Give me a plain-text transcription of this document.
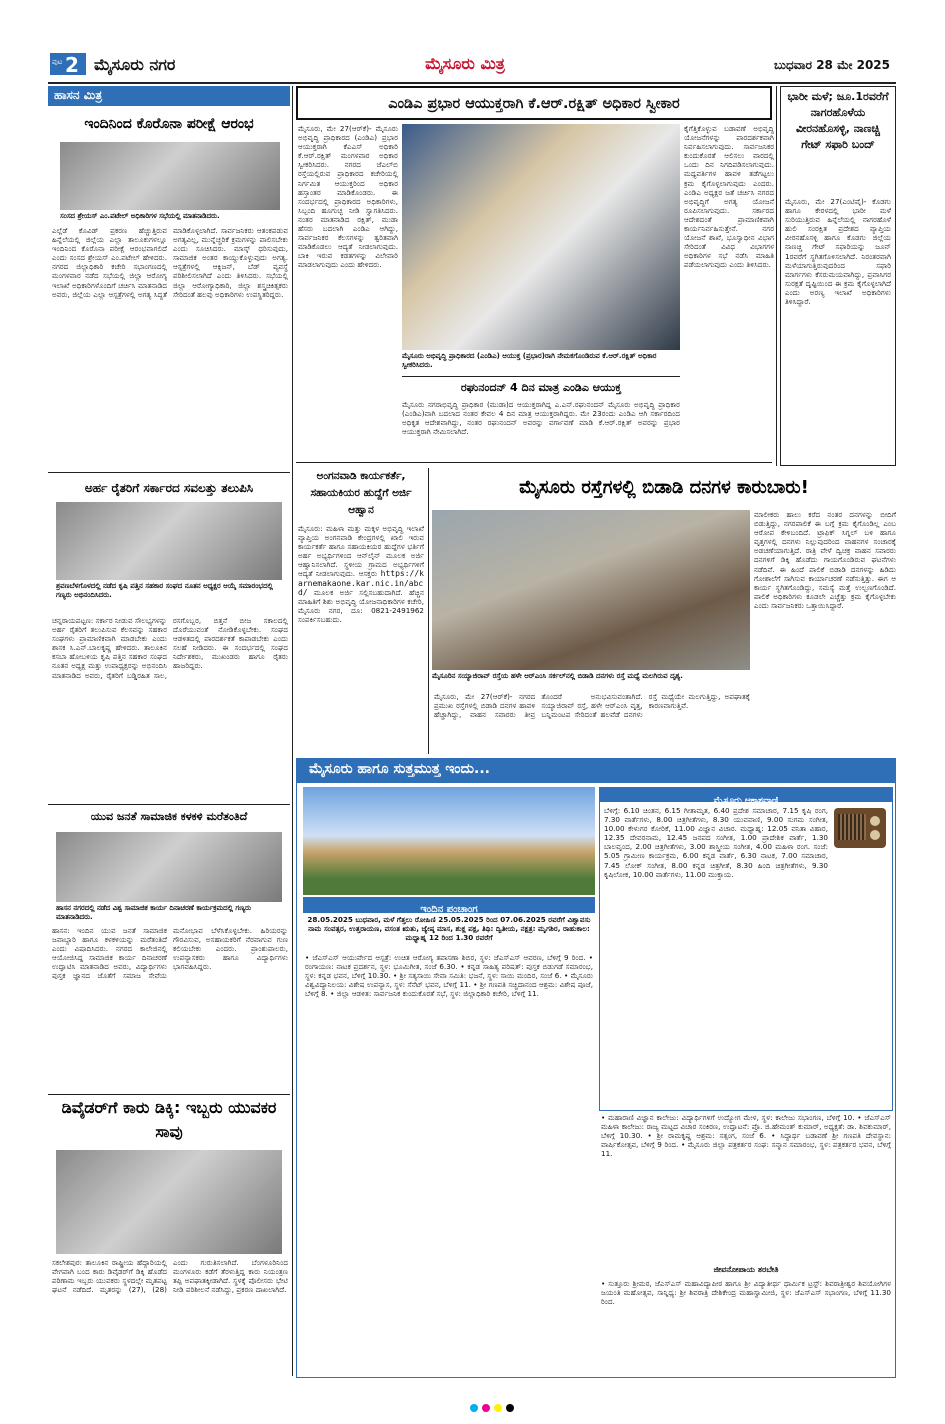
ಪುಟ 2 ಮೈಸೂರು ನಗರ	ಮೈಸೂರು ಮಿತ್ರ	ಬುಧವಾರ 28 ಮೇ 2025
ಹಾಸನ ಮಿತ್ರ
ಇಂದಿನಿಂದ ಕೊರೊನಾ ಪರೀಕ್ಷೆ ಆರಂಭ
ಸಂಸದ ಶ್ರೇಯಸ್ ಎಂ.ಪಟೇಲ್ ಅಧಿಕಾರಿಗಳ ಸಭೆಯಲ್ಲಿ ಮಾತನಾಡಿದರು.
ಎಲ್ಲೆಡೆ ಕೊವಿಡ್ ಪ್ರಕರಣ ಹೆಚ್ಚುತ್ತಿರುವ ಹಿನ್ನೆಲೆಯಲ್ಲಿ ಜಿಲ್ಲೆಯ ಎಲ್ಲಾ ತಾಲೂಕುಗಳಲ್ಲೂ ಇಂದಿನಿಂದ ಕೊರೊನಾ ಪರೀಕ್ಷೆ ಆರಂಭವಾಗಲಿದೆ ಎಂದು ಸಂಸದ ಶ್ರೇಯಸ್ ಎಂ.ಪಟೇಲ್ ಹೇಳಿದರು. ನಗರದ ಜಿಲ್ಲಾಧಿಕಾರಿ ಕಚೇರಿ ಸಭಾಂಗಣದಲ್ಲಿ ಮಂಗಳವಾರ ನಡೆದ ಸಭೆಯಲ್ಲಿ ಜಿಲ್ಲಾ ಆರೋಗ್ಯ ಇಲಾಖೆ ಅಧಿಕಾರಿಗಳೊಂದಿಗೆ ಚರ್ಚಿಸಿ ಮಾತನಾಡಿದ ಅವರು, ಜಿಲ್ಲೆಯ ಎಲ್ಲಾ ಆಸ್ಪತ್ರೆಗಳಲ್ಲಿ ಅಗತ್ಯ ಸಿದ್ಧತೆ ಮಾಡಿಕೊಳ್ಳಲಾಗಿದೆ. ಸಾರ್ವಜನಿಕರು ಆತಂಕಪಡುವ ಅಗತ್ಯವಿಲ್ಲ, ಮುನ್ನೆಚ್ಚರಿಕೆ ಕ್ರಮಗಳನ್ನು ಪಾಲಿಸಬೇಕು ಎಂದು ಸೂಚಿಸಿದರು. ಮಾಸ್ಕ್ ಧರಿಸುವುದು, ಸಾಮಾಜಿಕ ಅಂತರ ಕಾಯ್ದುಕೊಳ್ಳುವುದು ಅಗತ್ಯ. ಆಸ್ಪತ್ರೆಗಳಲ್ಲಿ ಆಕ್ಸಿಜನ್, ಬೆಡ್ ವ್ಯವಸ್ಥೆ ಪರಿಶೀಲಿಸಲಾಗಿದೆ ಎಂದು ತಿಳಿಸಿದರು. ಸಭೆಯಲ್ಲಿ ಜಿಲ್ಲಾ ಆರೋಗ್ಯಾಧಿಕಾರಿ, ಜಿಲ್ಲಾ ಶಸ್ತ್ರಚಿಕಿತ್ಸಕರು ಸೇರಿದಂತೆ ಹಲವು ಅಧಿಕಾರಿಗಳು ಉಪಸ್ಥಿತರಿದ್ದರು.
ಅರ್ಹ ರೈತರಿಗೆ ಸರ್ಕಾರದ ಸವಲತ್ತು ತಲುಪಿಸಿ
ಶ್ರವಣಬೆಳಗೊಳದಲ್ಲಿ ನಡೆದ ಕೃಷಿ ಪತ್ತಿನ ಸಹಕಾರ ಸಂಘದ ನೂತನ ಅಧ್ಯಕ್ಷರ ಆಯ್ಕೆ ಸಮಾರಂಭದಲ್ಲಿ ಗಣ್ಯರು ಅಭಿನಂದಿಸಿದರು.
ಚನ್ನರಾಯಪಟ್ಟಣ: ಸರ್ಕಾರ ನೀಡುವ ಸೌಲಭ್ಯಗಳನ್ನು ಅರ್ಹ ರೈತರಿಗೆ ತಲುಪಿಸುವ ಕೆಲಸವನ್ನು ಸಹಕಾರ ಸಂಘಗಳು ಪ್ರಾಮಾಣಿಕವಾಗಿ ಮಾಡಬೇಕು ಎಂದು ಶಾಸಕ ಸಿ.ಎನ್.ಬಾಲಕೃಷ್ಣ ಹೇಳಿದರು. ತಾಲೂಕಿನ ಕಸಬಾ ಹೋಬಳಿಯ ಕೃಷಿ ಪತ್ತಿನ ಸಹಕಾರ ಸಂಘದ ನೂತನ ಅಧ್ಯಕ್ಷ ಮತ್ತು ಉಪಾಧ್ಯಕ್ಷರನ್ನು ಅಭಿನಂದಿಸಿ ಮಾತನಾಡಿದ ಅವರು, ರೈತರಿಗೆ ಬಡ್ಡಿರಹಿತ ಸಾಲ, ರಸಗೊಬ್ಬರ, ಬಿತ್ತನೆ ಬೀಜ ಸಕಾಲದಲ್ಲಿ ದೊರೆಯುವಂತೆ ನೋಡಿಕೊಳ್ಳಬೇಕು. ಸಂಘದ ಆಡಳಿತದಲ್ಲಿ ಪಾರದರ್ಶಕತೆ ಕಾಪಾಡಬೇಕು ಎಂದು ಸಲಹೆ ನೀಡಿದರು. ಈ ಸಂದರ್ಭದಲ್ಲಿ ಸಂಘದ ನಿರ್ದೇಶಕರು, ಮುಖಂಡರು ಹಾಗೂ ರೈತರು ಹಾಜರಿದ್ದರು.
ಯುವ ಜನತೆ ಸಾಮಾಜಿಕ ಕಳಕಳಿ ಮರೆತಂತಿದೆ
ಹಾಸನ ನಗರದಲ್ಲಿ ನಡೆದ ವಿಶ್ವ ಸಾಮಾಜಿಕ ಕಾರ್ಯ ದಿನಾಚರಣೆ ಕಾರ್ಯಕ್ರಮದಲ್ಲಿ ಗಣ್ಯರು ಮಾತನಾಡಿದರು.
ಹಾಸನ: ಇಂದಿನ ಯುವ ಜನತೆ ಸಾಮಾಜಿಕ ಜವಾಬ್ದಾರಿ ಹಾಗೂ ಕಳಕಳಿಯನ್ನು ಮರೆತಂತಿದೆ ಎಂದು ವಿಷಾದಿಸಿದರು. ನಗರದ ಕಾಲೇಜಿನಲ್ಲಿ ಆಯೋಜಿಸಿದ್ದ ಸಾಮಾಜಿಕ ಕಾರ್ಯ ದಿನಾಚರಣೆ ಉದ್ಘಾಟಿಸಿ ಮಾತನಾಡಿದ ಅವರು, ವಿದ್ಯಾರ್ಥಿಗಳು ಪುಸ್ತಕ ಜ್ಞಾನದ ಜೊತೆಗೆ ಸಮಾಜ ಸೇವೆಯ ಮನೋಭಾವ ಬೆಳೆಸಿಕೊಳ್ಳಬೇಕು. ಹಿರಿಯರನ್ನು ಗೌರವಿಸುವ, ಅಸಹಾಯಕರಿಗೆ ನೆರವಾಗುವ ಗುಣ ಕಲಿಯಬೇಕು ಎಂದರು. ಪ್ರಾಂಶುಪಾಲರು, ಉಪನ್ಯಾಸಕರು ಹಾಗೂ ವಿದ್ಯಾರ್ಥಿಗಳು ಭಾಗವಹಿಸಿದ್ದರು.
ಡಿವೈಡರ್‌ಗೆ ಕಾರು ಡಿಕ್ಕಿ: ಇಬ್ಬರು ಯುವಕರ ಸಾವು
ಸಕಲೇಶಪುರ: ತಾಲೂಕಿನ ರಾಷ್ಟ್ರೀಯ ಹೆದ್ದಾರಿಯಲ್ಲಿ ವೇಗವಾಗಿ ಬಂದ ಕಾರು ಡಿವೈಡರ್‌ಗೆ ಡಿಕ್ಕಿ ಹೊಡೆದ ಪರಿಣಾಮ ಇಬ್ಬರು ಯುವಕರು ಸ್ಥಳದಲ್ಲೇ ಮೃತಪಟ್ಟ ಘಟನೆ ನಡೆದಿದೆ. ಮೃತರನ್ನು (27), (28) ಎಂದು ಗುರುತಿಸಲಾಗಿದೆ. ಬೆಂಗಳೂರಿನಿಂದ ಮಂಗಳೂರು ಕಡೆಗೆ ತೆರಳುತ್ತಿದ್ದ ಕಾರು ನಿಯಂತ್ರಣ ತಪ್ಪಿ ಅಪಘಾತಕ್ಕೀಡಾಗಿದೆ. ಸ್ಥಳಕ್ಕೆ ಪೊಲೀಸರು ಭೇಟಿ ನೀಡಿ ಪರಿಶೀಲನೆ ನಡೆಸಿದ್ದು, ಪ್ರಕರಣ ದಾಖಲಾಗಿದೆ.
ಎಂಡಿಎ ಪ್ರಭಾರ ಆಯುಕ್ತರಾಗಿ ಕೆ.ಆರ್.ರಕ್ಷಿತ್ ಅಧಿಕಾರ ಸ್ವೀಕಾರ
ಮೈಸೂರು, ಮೇ 27(ಆರ್‌ಕೆ)- ಮೈಸೂರು ಅಭಿವೃದ್ಧಿ ಪ್ರಾಧಿಕಾರದ (ಎಂಡಿಎ) ಪ್ರಭಾರ ಆಯುಕ್ತರಾಗಿ ಕೆಎಎಸ್ ಅಧಿಕಾರಿ ಕೆ.ಆರ್.ರಕ್ಷಿತ್ ಮಂಗಳವಾರ ಅಧಿಕಾರ ಸ್ವೀಕರಿಸಿದರು. ನಗರದ ಜೆಎಲ್‌ಬಿ ರಸ್ತೆಯಲ್ಲಿರುವ ಪ್ರಾಧಿಕಾರದ ಕಚೇರಿಯಲ್ಲಿ ನಿರ್ಗಮಿತ ಆಯುಕ್ತರಿಂದ ಅಧಿಕಾರ ಹಸ್ತಾಂತರ ಮಾಡಿಕೊಂಡರು. ಈ ಸಂದರ್ಭದಲ್ಲಿ ಪ್ರಾಧಿಕಾರದ ಅಧಿಕಾರಿಗಳು, ಸಿಬ್ಬಂದಿ ಹೂಗುಚ್ಛ ನೀಡಿ ಸ್ವಾಗತಿಸಿದರು. ನಂತರ ಮಾತನಾಡಿದ ರಕ್ಷಿತ್, ಮುಡಾ ಹೆಸರು ಬದಲಾಗಿ ಎಂಡಿಎ ಆಗಿದ್ದು, ಸಾರ್ವಜನಿಕರ ಕೆಲಸಗಳನ್ನು ತ್ವರಿತವಾಗಿ ಮಾಡಿಕೊಡಲು ಆದ್ಯತೆ ನೀಡಲಾಗುವುದು. ಬಾಕಿ ಇರುವ ಕಡತಗಳನ್ನು ವಿಲೇವಾರಿ ಮಾಡಲಾಗುವುದು ಎಂದು ಹೇಳಿದರು.
ಮೈಸೂರು ಅಭಿವೃದ್ಧಿ ಪ್ರಾಧಿಕಾರದ (ಎಂಡಿಎ) ಆಯುಕ್ತ (ಪ್ರಭಾರ)ರಾಗಿ ನೇಮಕಗೊಂಡಿರುವ ಕೆ.ಆರ್.ರಕ್ಷಿತ್ ಅಧಿಕಾರ ಸ್ವೀಕರಿಸಿದರು.
ಕೈಗೆತ್ತಿಕೊಳ್ಳುವ ಬಡಾವಣೆ ಅಭಿವೃದ್ಧಿ ಯೋಜನೆಗಳನ್ನು ಪಾರದರ್ಶಕವಾಗಿ ನಿರ್ವಹಿಸಲಾಗುವುದು. ಸಾರ್ವಜನಿಕರ ಕುಂದುಕೊರತೆ ಆಲಿಸಲು ವಾರದಲ್ಲಿ ಒಂದು ದಿನ ನಿಗದಿಪಡಿಸಲಾಗುವುದು. ಮಧ್ಯವರ್ತಿಗಳ ಹಾವಳಿ ತಡೆಗಟ್ಟಲು ಕ್ರಮ ಕೈಗೊಳ್ಳಲಾಗುವುದು ಎಂದರು. ಎಂಡಿಎ ಅಧ್ಯಕ್ಷರ ಜತೆ ಚರ್ಚಿಸಿ ನಗರದ ಅಭಿವೃದ್ಧಿಗೆ ಅಗತ್ಯ ಯೋಜನೆ ರೂಪಿಸಲಾಗುವುದು. ಸರ್ಕಾರದ ಆದೇಶದಂತೆ ಪ್ರಾಮಾಣಿಕವಾಗಿ ಕಾರ್ಯನಿರ್ವಹಿಸುತ್ತೇನೆ. ನಗರ ಯೋಜನೆ ಶಾಖೆ, ಭೂಸ್ವಾಧೀನ ವಿಭಾಗ ಸೇರಿದಂತೆ ವಿವಿಧ ವಿಭಾಗಗಳ ಅಧಿಕಾರಿಗಳ ಸಭೆ ನಡೆಸಿ ಮಾಹಿತಿ ಪಡೆಯಲಾಗುವುದು ಎಂದು ತಿಳಿಸಿದರು.
ರಘುನಂದನ್ 4 ದಿನ ಮಾತ್ರ ಎಂಡಿಎ ಆಯುಕ್ತ
ಮೈಸೂರು ನಗರಾಭಿವೃದ್ಧಿ ಪ್ರಾಧಿಕಾರ (ಮುಡಾ)ದ ಆಯುಕ್ತರಾಗಿದ್ದ ಎ.ಎನ್.ರಘುನಂದನ್ ಮೈಸೂರು ಅಭಿವೃದ್ಧಿ ಪ್ರಾಧಿಕಾರ (ಎಂಡಿಎ)ವಾಗಿ ಬದಲಾದ ನಂತರ ಕೇವಲ 4 ದಿನ ಮಾತ್ರ ಆಯುಕ್ತರಾಗಿದ್ದರು. ಮೇ 23ರಂದು ಎಂಡಿಎ ಆಗಿ ಸರ್ಕಾರದಿಂದ ಅಧಿಕೃತ ಆದೇಶವಾಗಿದ್ದು, ನಂತರ ರಘುನಂದನ್ ಅವರನ್ನು ವರ್ಗಾವಣೆ ಮಾಡಿ ಕೆ.ಆರ್.ರಕ್ಷಿತ್ ಅವರನ್ನು ಪ್ರಭಾರ ಆಯುಕ್ತರಾಗಿ ನೇಮಿಸಲಾಗಿದೆ.
ಭಾರೀ ಮಳೆ; ಜೂ.1ರವರೆಗೆ ನಾಗರಹೊಳೆಯ ವೀರನಹೊಸಳ್ಳಿ, ನಾಣಚ್ಚಿ ಗೇಟ್ ಸಫಾರಿ ಬಂದ್
ಮೈಸೂರು, ಮೇ 27(ಎಂಟಿವೈ)- ಕೊಡಗು ಹಾಗೂ ಕೇರಳದಲ್ಲಿ ಭಾರೀ ಮಳೆ ಸುರಿಯುತ್ತಿರುವ ಹಿನ್ನೆಲೆಯಲ್ಲಿ ನಾಗರಹೊಳೆ ಹುಲಿ ಸಂರಕ್ಷಿತ ಪ್ರದೇಶದ ವ್ಯಾಪ್ತಿಯ ವೀರನಹೊಸಳ್ಳಿ ಹಾಗೂ ಕೊಡಗು ಜಿಲ್ಲೆಯ ನಾಣಚ್ಚಿ ಗೇಟ್ ಸಫಾರಿಯನ್ನು ಜೂನ್ 1ರವರೆಗೆ ಸ್ಥಗಿತಗೊಳಿಸಲಾಗಿದೆ. ನಿರಂತರವಾಗಿ ಮಳೆಯಾಗುತ್ತಿರುವುದರಿಂದ ಸಫಾರಿ ಮಾರ್ಗಗಳು ಕೆಸರುಮಯವಾಗಿದ್ದು, ಪ್ರವಾಸಿಗರ ಸುರಕ್ಷತೆ ದೃಷ್ಟಿಯಿಂದ ಈ ಕ್ರಮ ಕೈಗೊಳ್ಳಲಾಗಿದೆ ಎಂದು ಅರಣ್ಯ ಇಲಾಖೆ ಅಧಿಕಾರಿಗಳು ತಿಳಿಸಿದ್ದಾರೆ.
ಅಂಗನವಾಡಿ ಕಾರ್ಯಕರ್ತೆ, ಸಹಾಯಕಿಯರ ಹುದ್ದೆಗೆ ಅರ್ಜಿ ಆಹ್ವಾನ
ಮೈಸೂರು: ಮಹಿಳಾ ಮತ್ತು ಮಕ್ಕಳ ಅಭಿವೃದ್ಧಿ ಇಲಾಖೆ ವ್ಯಾಪ್ತಿಯ ಅಂಗನವಾಡಿ ಕೇಂದ್ರಗಳಲ್ಲಿ ಖಾಲಿ ಇರುವ ಕಾರ್ಯಕರ್ತೆ ಹಾಗೂ ಸಹಾಯಕಿಯರ ಹುದ್ದೆಗಳ ಭರ್ತಿಗೆ ಅರ್ಹ ಅಭ್ಯರ್ಥಿಗಳಿಂದ ಆನ್‌ಲೈನ್ ಮೂಲಕ ಅರ್ಜಿ ಆಹ್ವಾನಿಸಲಾಗಿದೆ. ಸ್ಥಳೀಯ ಗ್ರಾಮದ ಅಭ್ಯರ್ಥಿಗಳಿಗೆ ಆದ್ಯತೆ ನೀಡಲಾಗುವುದು. ಆಸಕ್ತರು https://karnemakaone.kar.nic.in/abcd/ ಮೂಲಕ ಅರ್ಜಿ ಸಲ್ಲಿಸಬಹುದಾಗಿದೆ. ಹೆಚ್ಚಿನ ಮಾಹಿತಿಗೆ ಶಿಶು ಅಭಿವೃದ್ಧಿ ಯೋಜನಾಧಿಕಾರಿಗಳ ಕಚೇರಿ, ಮೈಸೂರು ನಗರ, ದೂ: 0821-2491962 ಸಂಪರ್ಕಿಸಬಹುದು.
ಮೈಸೂರು ರಸ್ತೆಗಳಲ್ಲಿ ಬಿಡಾಡಿ ದನಗಳ ಕಾರುಬಾರು!
ಮೈಸೂರಿನ ಸಯ್ಯಾಜಿರಾವ್ ರಸ್ತೆಯ ಹಳೇ ಆರ್‌ಎಂಸಿ ಸರ್ಕಲ್‌ನಲ್ಲಿ ಬಿಡಾಡಿ ದನಗಳು ರಸ್ತೆ ಮಧ್ಯೆ ಮಲಗಿರುವ ದೃಶ್ಯ.
ಮೈಸೂರು, ಮೇ 27(ಆರ್‌ಕೆ)- ನಗರದ ಪ್ರಮುಖ ರಸ್ತೆಗಳಲ್ಲಿ ಬಿಡಾಡಿ ದನಗಳ ಹಾವಳಿ ಹೆಚ್ಚಾಗಿದ್ದು, ವಾಹನ ಸವಾರರು ತೀವ್ರ ತೊಂದರೆ ಅನುಭವಿಸುವಂತಾಗಿದೆ. ಸಯ್ಯಾಜಿರಾವ್ ರಸ್ತೆ, ಹಳೇ ಆರ್‌ಎಂಸಿ ವೃತ್ತ, ಬನ್ನಿಮಂಟಪ ಸೇರಿದಂತೆ ಹಲವೆಡೆ ದನಗಳು ರಸ್ತೆ ಮಧ್ಯೆಯೇ ಮಲಗುತ್ತಿದ್ದು, ಅಪಘಾತಕ್ಕೆ ಕಾರಣವಾಗುತ್ತಿವೆ.
ಮಾಲೀಕರು ಹಾಲು ಕರೆದ ನಂತರ ದನಗಳನ್ನು ಬೀದಿಗೆ ಬಿಡುತ್ತಿದ್ದು, ನಗರಪಾಲಿಕೆ ಈ ಬಗ್ಗೆ ಕ್ರಮ ಕೈಗೊಂಡಿಲ್ಲ ಎಂಬ ಆರೋಪ ಕೇಳಿಬಂದಿದೆ. ಟ್ರಾಫಿಕ್ ಸಿಗ್ನಲ್ ಬಳಿ ಹಾಗೂ ವೃತ್ತಗಳಲ್ಲಿ ದನಗಳು ನಿಲ್ಲುವುದರಿಂದ ವಾಹನಗಳ ಸಂಚಾರಕ್ಕೆ ಅಡಚಣೆಯಾಗುತ್ತಿದೆ. ರಾತ್ರಿ ವೇಳೆ ದ್ವಿಚಕ್ರ ವಾಹನ ಸವಾರರು ದನಗಳಿಗೆ ಡಿಕ್ಕಿ ಹೊಡೆದು ಗಾಯಗೊಂಡಿರುವ ಘಟನೆಗಳು ನಡೆದಿವೆ. ಈ ಹಿಂದೆ ಪಾಲಿಕೆ ಬಿಡಾಡಿ ದನಗಳನ್ನು ಹಿಡಿದು ಗೋಶಾಲೆಗೆ ಸಾಗಿಸುವ ಕಾರ್ಯಾಚರಣೆ ನಡೆಸುತ್ತಿತ್ತು. ಈಗ ಆ ಕಾರ್ಯ ಸ್ಥಗಿತಗೊಂಡಿದ್ದು, ಸಮಸ್ಯೆ ಮತ್ತೆ ಉಲ್ಬಣಗೊಂಡಿದೆ. ಪಾಲಿಕೆ ಅಧಿಕಾರಿಗಳು ಕೂಡಲೇ ಎಚ್ಚೆತ್ತು ಕ್ರಮ ಕೈಗೊಳ್ಳಬೇಕು ಎಂದು ಸಾರ್ವಜನಿಕರು ಒತ್ತಾಯಿಸಿದ್ದಾರೆ.
ಮೈಸೂರು ಹಾಗೂ ಸುತ್ತಮುತ್ತ ಇಂದು...
ಇಂದಿನ ಪಂಚಾಂಗ
28.05.2025 ಬುಧವಾರ, ಮಳೆ ಗೆತ್ತಲು ರೋಹಿಣಿ 25.05.2025 ರಿಂದ 07.06.2025 ರವರೆಗೆ ವಿಶ್ವಾವಸು ನಾಮ ಸಂವತ್ಸರ, ಉತ್ತರಾಯಣ, ವಸಂತ ಋತು, ಜ್ಯೇಷ್ಠ ಮಾಸ, ಶುಕ್ಲ ಪಕ್ಷ, ತಿಥಿ: ದ್ವಿತೀಯ, ನಕ್ಷತ್ರ: ಮೃಗಶಿರ, ರಾಹುಕಾಲ: ಮಧ್ಯಾಹ್ನ 12 ರಿಂದ 1.30 ರವರೆಗೆ
• ಜೆಎಸ್‌ಎಸ್ ಆಯುರ್ವೇದ ಆಸ್ಪತ್ರೆ: ಉಚಿತ ಆರೋಗ್ಯ ತಪಾಸಣಾ ಶಿಬಿರ, ಸ್ಥಳ: ಜೆಎಸ್‌ಎಸ್ ಆವರಣ, ಬೆಳಿಗ್ಗೆ 9 ರಿಂದ. • ರಂಗಾಯಣ: ನಾಟಕ ಪ್ರದರ್ಶನ, ಸ್ಥಳ: ಭೂಮಿಗೀತ, ಸಂಜೆ 6.30. • ಕನ್ನಡ ಸಾಹಿತ್ಯ ಪರಿಷತ್: ಪುಸ್ತಕ ಬಿಡುಗಡೆ ಸಮಾರಂಭ, ಸ್ಥಳ: ಕನ್ನಡ ಭವನ, ಬೆಳಿಗ್ಗೆ 10.30. • ಶ್ರೀ ಸತ್ಯಸಾಯಿ ಸೇವಾ ಸಮಿತಿ: ಭಜನೆ, ಸ್ಥಳ: ಸಾಯಿ ಮಂದಿರ, ಸಂಜೆ 6. • ಮೈಸೂರು ವಿಶ್ವವಿದ್ಯಾನಿಲಯ: ವಿಶೇಷ ಉಪನ್ಯಾಸ, ಸ್ಥಳ: ಸೆನೆಟ್ ಭವನ, ಬೆಳಿಗ್ಗೆ 11. • ಶ್ರೀ ಗಣಪತಿ ಸಚ್ಚಿದಾನಂದ ಆಶ್ರಮ: ವಿಶೇಷ ಪೂಜೆ, ಬೆಳಿಗ್ಗೆ 8. • ಜಿಲ್ಲಾ ಆಡಳಿತ: ಸಾರ್ವಜನಿಕ ಕುಂದುಕೊರತೆ ಸಭೆ, ಸ್ಥಳ: ಜಿಲ್ಲಾಧಿಕಾರಿ ಕಚೇರಿ, ಬೆಳಿಗ್ಗೆ 11.
ಮೈಸೂರು ಆಕಾಶವಾಣಿ
ಬೆಳಿಗ್ಗೆ: 6.10 ಚಿಂತನ, 6.15 ಗೀತಾಮೃತ, 6.40 ಪ್ರದೇಶ ಸಮಾಚಾರ, 7.15 ಕೃಷಿ ರಂಗ, 7.30 ವಾರ್ತೆಗಳು, 8.00 ಚಿತ್ರಗೀತೆಗಳು, 8.30 ಯುವವಾಣಿ, 9.00 ಸುಗಮ ಸಂಗೀತ, 10.00 ಕೇಳುಗರ ಕೋರಿಕೆ, 11.00 ವಿಜ್ಞಾನ ವಿಚಾರ. ಮಧ್ಯಾಹ್ನ: 12.05 ವನಿತಾ ವಿಹಾರ, 12.35 ದೇವರನಾಮ, 12.45 ಜನಪದ ಸಂಗೀತ, 1.00 ಪ್ರಾದೇಶಿಕ ವಾರ್ತೆ, 1.30 ಬಾಲವೃಂದ, 2.00 ಚಿತ್ರಗೀತೆಗಳು, 3.00 ಶಾಸ್ತ್ರೀಯ ಸಂಗೀತ, 4.00 ಮಹಿಳಾ ರಂಗ. ಸಂಜೆ: 5.05 ಗ್ರಾಮೀಣ ಕಾರ್ಯಕ್ರಮ, 6.00 ಕನ್ನಡ ವಾರ್ತೆ, 6.30 ನಾಟಕ, 7.00 ಸಮಾಚಾರ, 7.45 ಲೋಕ್ ಸಂಗೀತ, 8.00 ಕನ್ನಡ ಚಿತ್ರಗೀತೆ, 8.30 ಹಿಂದಿ ಚಿತ್ರಗೀತೆಗಳು, 9.30 ಕೃಷಿಲೋಕ, 10.00 ವಾರ್ತೆಗಳು, 11.00 ಮುಕ್ತಾಯ.
• ಮಹಾರಾಣಿ ವಿಜ್ಞಾನ ಕಾಲೇಜು: ವಿದ್ಯಾರ್ಥಿಗಳಿಗೆ ಉದ್ಯೋಗ ಮೇಳ, ಸ್ಥಳ: ಕಾಲೇಜು ಸಭಾಂಗಣ, ಬೆಳಿಗ್ಗೆ 10. • ಜೆಎಸ್‌ಎಸ್ ಮಹಿಳಾ ಕಾಲೇಜು: ರಾಜ್ಯ ಮಟ್ಟದ ವಿಚಾರ ಸಂಕಿರಣ, ಉದ್ಘಾಟನೆ: ಪ್ರೊ. ಜಿ.ಹೇಮಂತ್ ಕುಮಾರ್, ಅಧ್ಯಕ್ಷತೆ: ಡಾ. ಶಿವಕುಮಾರ್, ಬೆಳಿಗ್ಗೆ 10.30. • ಶ್ರೀ ರಾಮಕೃಷ್ಣ ಆಶ್ರಮ: ಸತ್ಸಂಗ, ಸಂಜೆ 6. • ಸಿದ್ಧಾರ್ಥ ಬಡಾವಣೆ ಶ್ರೀ ಗಣಪತಿ ದೇವಸ್ಥಾನ: ವಾರ್ಷಿಕೋತ್ಸವ, ಬೆಳಿಗ್ಗೆ 9 ರಿಂದ. • ಮೈಸೂರು ಜಿಲ್ಲಾ ಪತ್ರಕರ್ತರ ಸಂಘ: ಸನ್ಮಾನ ಸಮಾರಂಭ, ಸ್ಥಳ: ಪತ್ರಕರ್ತರ ಭವನ, ಬೆಳಿಗ್ಗೆ 11.
ಜೀವನೋಪಾಯ ತರಬೇತಿ
• ಸುತ್ತೂರು ಶ್ರೀಮಠ, ಜೆಎಸ್‌ಎಸ್ ಮಹಾವಿದ್ಯಾಪೀಠ ಹಾಗೂ ಶ್ರೀ ವಿದ್ಯಾತೀರ್ಥ ಧಾರ್ಮಿಕ ಟ್ರಸ್ಟ್: ಶಿವರಾತ್ರೀಶ್ವರ ಶಿವಯೋಗಿಗಳ ಜಯಂತಿ ಮಹೋತ್ಸವ, ಸಾನ್ನಿಧ್ಯ: ಶ್ರೀ ಶಿವರಾತ್ರಿ ದೇಶಿಕೇಂದ್ರ ಮಹಾಸ್ವಾಮೀಜಿ, ಸ್ಥಳ: ಜೆಎಸ್‌ಎಸ್ ಸಭಾಂಗಣ, ಬೆಳಿಗ್ಗೆ 11.30 ರಿಂದ.
